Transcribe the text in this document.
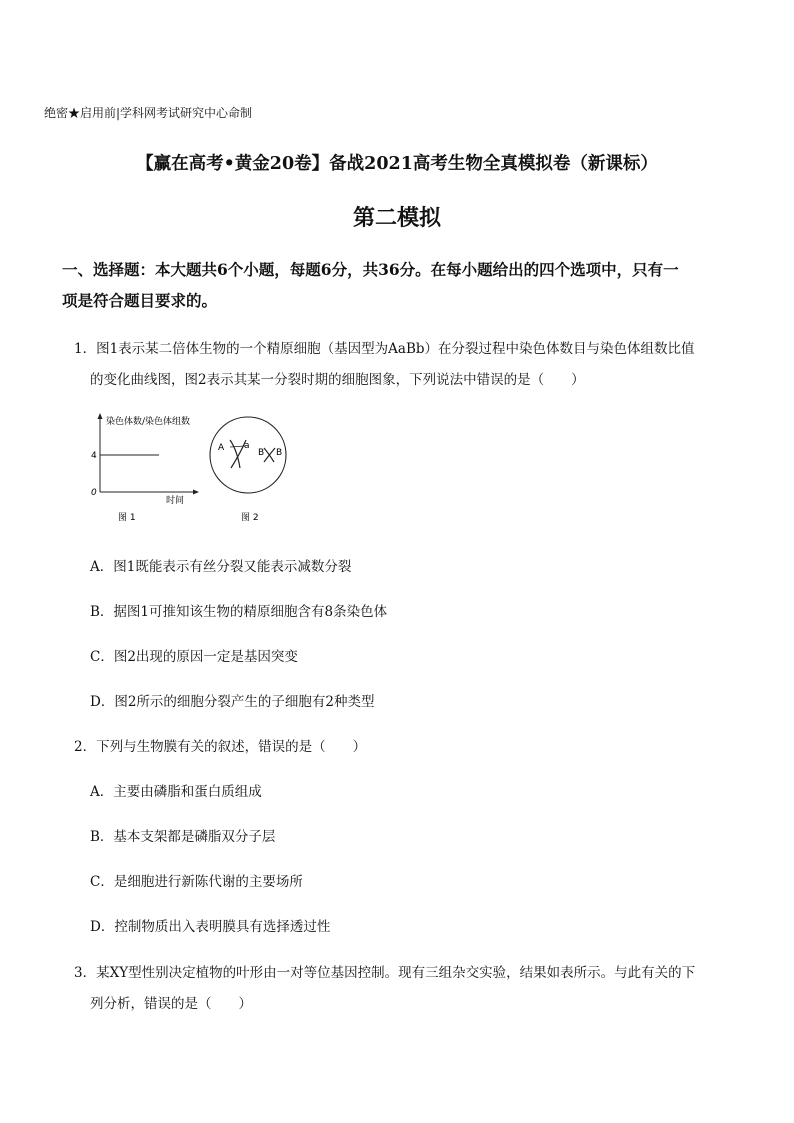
绝密★启用前|学科网考试研究中心命制
【赢在高考•黄金20卷】备战2021高考生物全真模拟卷（新课标）
第二模拟
一、选择题：本大题共6个小题，每题6分，共36分。在每小题给出的四个选项中，只有一
项是符合题目要求的。
1．图1表示某二倍体生物的一个精原细胞（基因型为AaBb）在分裂过程中染色体数目与染色体组数比值
的变化曲线图，图2表示其某一分裂时期的细胞图象，下列说法中错误的是（　　）
染色体数/染色体组数
4
0
时间
图 1
A a
B B
图 2
A．图1既能表示有丝分裂又能表示减数分裂
B．据图1可推知该生物的精原细胞含有8条染色体
C．图2出现的原因一定是基因突变
D．图2所示的细胞分裂产生的子细胞有2种类型
2．下列与生物膜有关的叙述，错误的是（　　）
A．主要由磷脂和蛋白质组成
B．基本支架都是磷脂双分子层
C．是细胞进行新陈代谢的主要场所
D．控制物质出入表明膜具有选择透过性
3．某XY型性别决定植物的叶形由一对等位基因控制。现有三组杂交实验，结果如表所示。与此有关的下
列分析，错误的是（　　）
